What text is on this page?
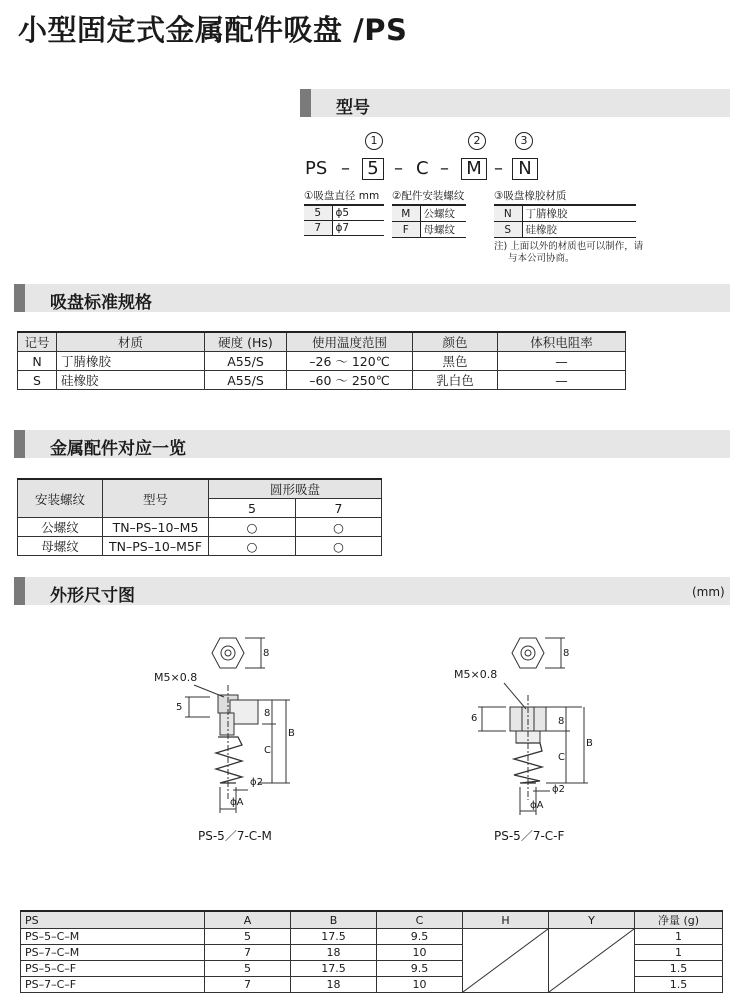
小型固定式金属配件吸盘 /PS
型号
1	2	3
PS – 5 – C – M – N
①吸盘直径 mm ②配件安装螺纹	③吸盘橡胶材质
5	ϕ5
7	ϕ7
M	公螺纹
F	母螺纹
N	丁腈橡胶
S	硅橡胶
注) 上面以外的材质也可以制作，请
与本公司协商。
吸盘标准规格
记号	材质	硬度 (Hs)	使用温度范围	颜色	体积电阻率
N	丁腈橡胶	A55/S	–26 ～ 120℃	黑色	—
S	硅橡胶	A55/S	–60 ～ 250℃	乳白色	—
金属配件对应一览
安装螺纹	型号	圆形吸盘	
		5	7
公螺纹	TN–PS–10–M5	○	○
母螺纹	TN–PS–10–M5F	○	○
外形尺寸图	(mm)
M5×0.8
8
5
8
C
B
ϕ2
ϕA
PS-5／7-C-M
M5×0.8
8
6	8
C
B
ϕ2
ϕA
PS-5／7-C-F
PS	A	B	C	H	Y	净量 (g)
PS–5–C–M	5	17.5	9.5			1
PS–7–C–M	7	18	10			1
PS–5–C–F	5	17.5	9.5			1.5
PS–7–C–F	7	18	10			1.5
